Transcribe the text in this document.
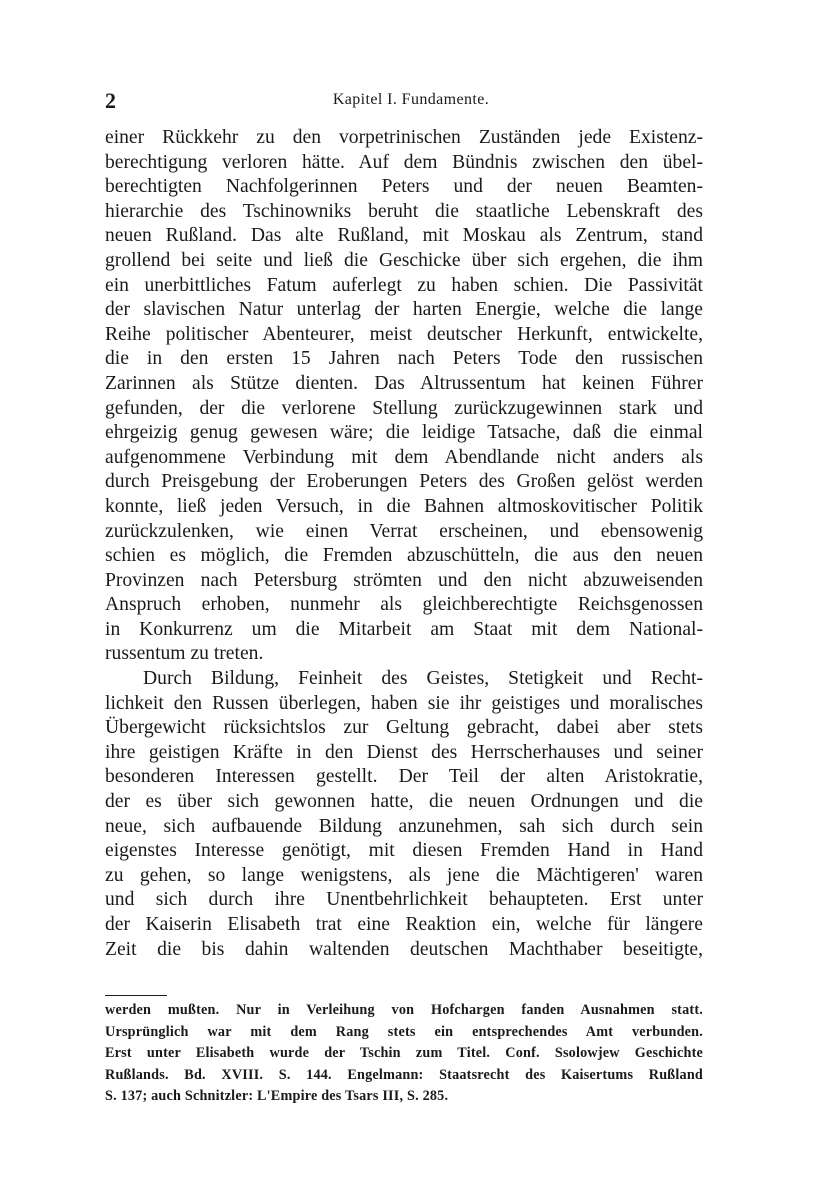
2	Kapitel I. Fundamente.
einer Rückkehr zu den vorpetrinischen Zuständen jede Existenz-
berechtigung verloren hätte. Auf dem Bündnis zwischen den übel-
berechtigten Nachfolgerinnen Peters und der neuen Beamten-
hierarchie des Tschinowniks beruht die staatliche Lebenskraft des
neuen Rußland. Das alte Rußland, mit Moskau als Zentrum, stand
grollend bei seite und ließ die Geschicke über sich ergehen, die ihm
ein unerbittliches Fatum auferlegt zu haben schien. Die Passivität
der slavischen Natur unterlag der harten Energie, welche die lange
Reihe politischer Abenteurer, meist deutscher Herkunft, entwickelte,
die in den ersten 15 Jahren nach Peters Tode den russischen
Zarinnen als Stütze dienten. Das Altrussentum hat keinen Führer
gefunden, der die verlorene Stellung zurückzugewinnen stark und
ehrgeizig genug gewesen wäre; die leidige Tatsache, daß die einmal
aufgenommene Verbindung mit dem Abendlande nicht anders als
durch Preisgebung der Eroberungen Peters des Großen gelöst werden
konnte, ließ jeden Versuch, in die Bahnen altmoskovitischer Politik
zurückzulenken, wie einen Verrat erscheinen, und ebensowenig
schien es möglich, die Fremden abzuschütteln, die aus den neuen
Provinzen nach Petersburg strömten und den nicht abzuweisenden
Anspruch erhoben, nunmehr als gleichberechtigte Reichsgenossen
in Konkurrenz um die Mitarbeit am Staat mit dem National-
russentum zu treten.
Durch Bildung, Feinheit des Geistes, Stetigkeit und Recht-
lichkeit den Russen überlegen, haben sie ihr geistiges und moralisches
Übergewicht rücksichtslos zur Geltung gebracht, dabei aber stets
ihre geistigen Kräfte in den Dienst des Herrscherhauses und seiner
besonderen Interessen gestellt. Der Teil der alten Aristokratie,
der es über sich gewonnen hatte, die neuen Ordnungen und die
neue, sich aufbauende Bildung anzunehmen, sah sich durch sein
eigenstes Interesse genötigt, mit diesen Fremden Hand in Hand
zu gehen, so lange wenigstens, als jene die Mächtigeren' waren
und sich durch ihre Unentbehrlichkeit behaupteten. Erst unter
der Kaiserin Elisabeth trat eine Reaktion ein, welche für längere
Zeit die bis dahin waltenden deutschen Machthaber beseitigte,
werden mußten. Nur in Verleihung von Hofchargen fanden Ausnahmen statt.
Ursprünglich war mit dem Rang stets ein entsprechendes Amt verbunden.
Erst unter Elisabeth wurde der Tschin zum Titel. Conf. Ssolowjew Geschichte
Rußlands. Bd. XVIII. S. 144. Engelmann: Staatsrecht des Kaisertums Rußland
S. 137; auch Schnitzler: L'Empire des Tsars III, S. 285.
